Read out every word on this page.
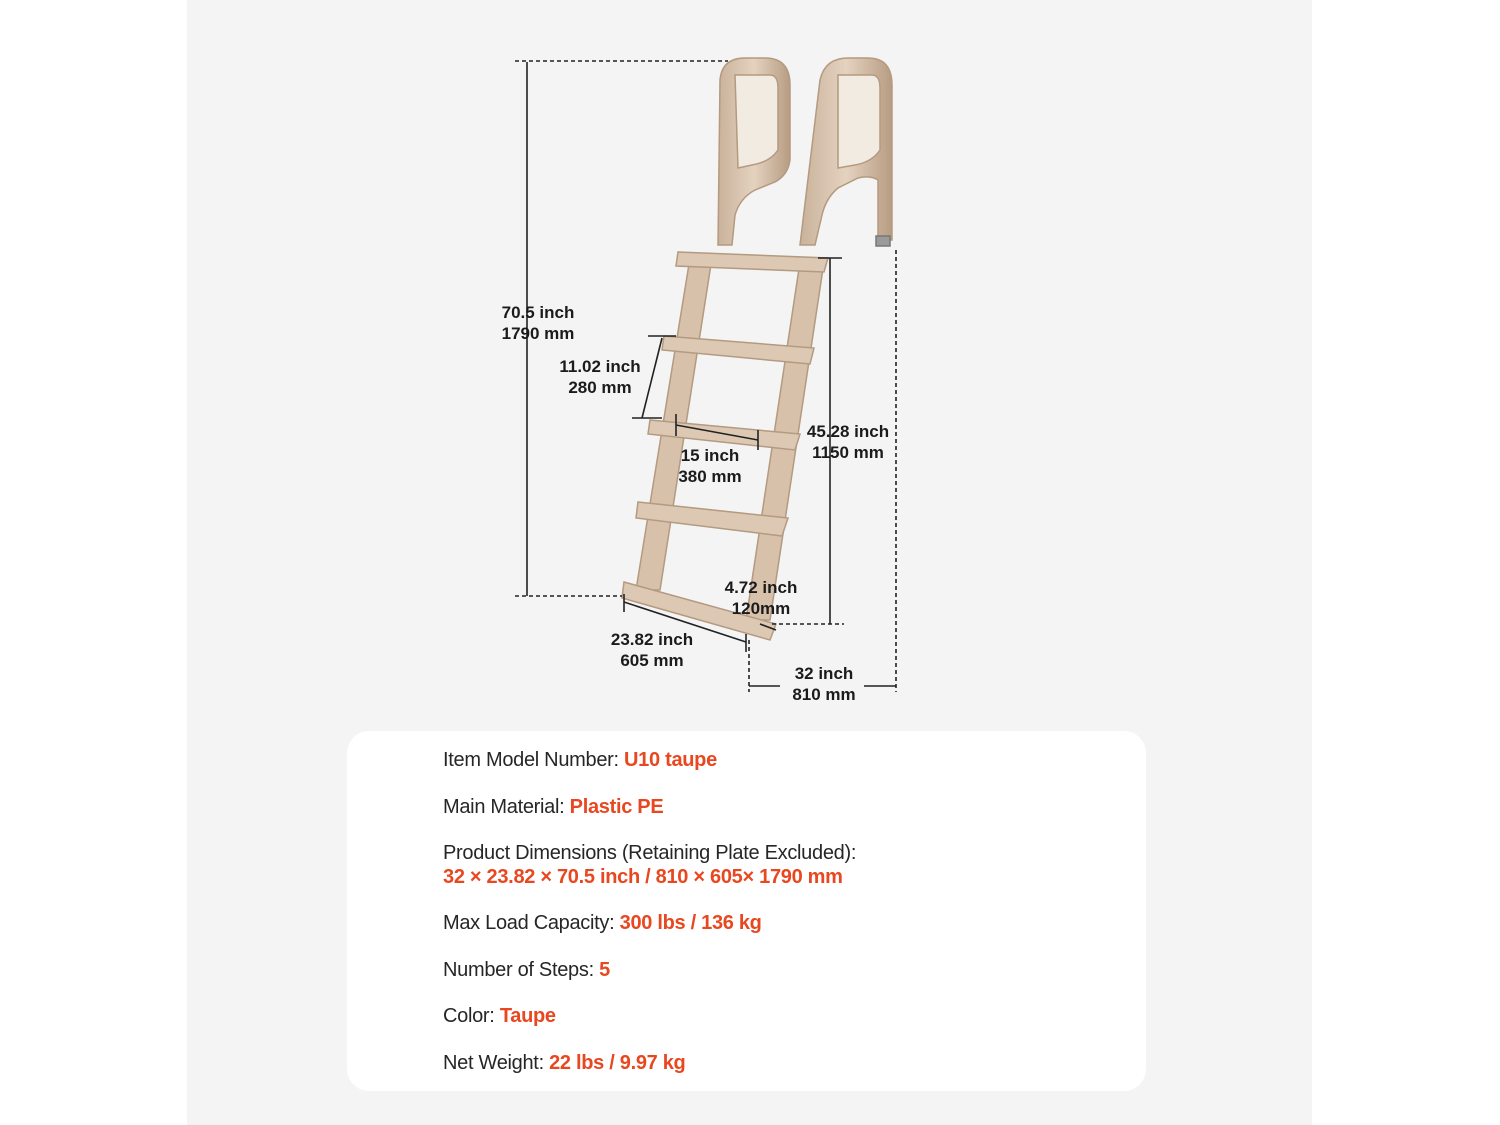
70.5 inch
1790 mm
11.02 inch
280 mm
15 inch
380 mm
45.28 inch
1150 mm
4.72 inch
120mm
23.82 inch
605 mm
32 inch
810 mm
Item Model Number: U10 taupe
Main Material: Plastic PE
Product Dimensions (Retaining Plate Excluded):
32 × 23.82 × 70.5 inch / 810 × 605× 1790 mm
Max Load Capacity: 300 lbs / 136 kg
Number of Steps: 5
Color: Taupe
Net Weight: 22 lbs / 9.97 kg
